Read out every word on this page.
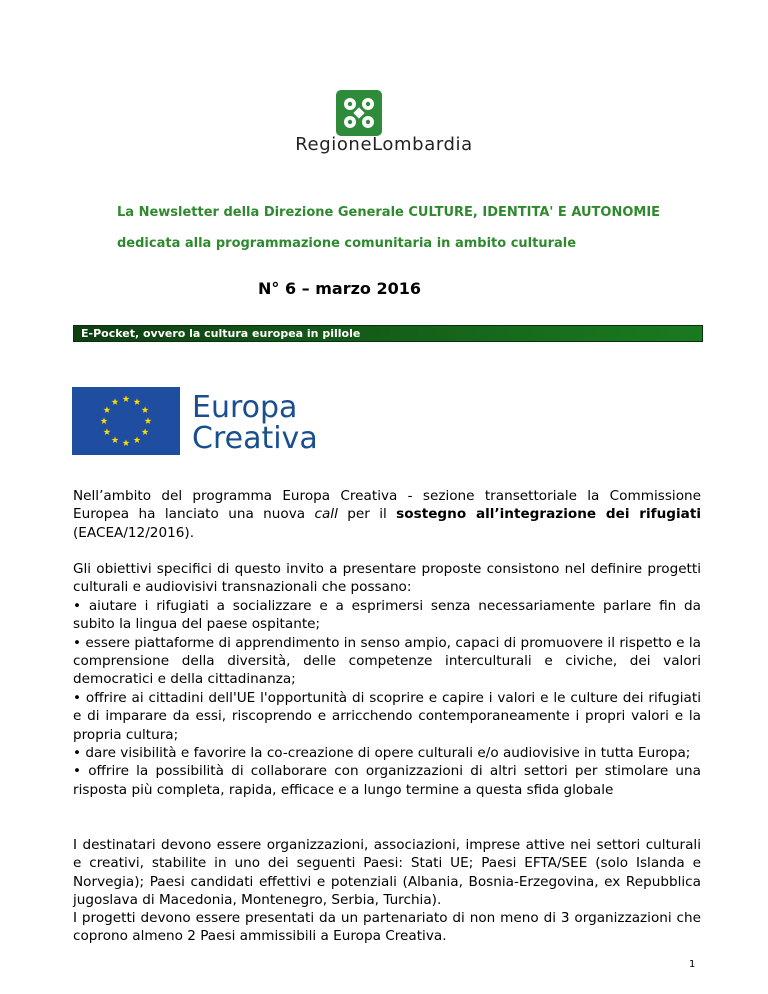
RegioneLombardia
La Newsletter della Direzione Generale CULTURE, IDENTITA' E AUTONOMIE
dedicata alla programmazione comunitaria in ambito culturale
N° 6 – marzo 2016
E-Pocket, ovvero la cultura europea in pillole
Europa
Creativa
Nell’ambito del programma Europa Creativa - sezione transettoriale la Commissione Europea ha lanciato una nuova call per il sostegno all’integrazione dei rifugiati (EACEA/12/2016).
Gli obiettivi specifici di questo invito a presentare proposte consistono nel definire progetti culturali e audiovisivi transnazionali che possano:
• aiutare i rifugiati a socializzare e a esprimersi senza necessariamente parlare fin da subito la lingua del paese ospitante;
• essere piattaforme di apprendimento in senso ampio, capaci di promuovere il rispetto e la comprensione della diversità, delle competenze interculturali e civiche, dei valori democratici e della cittadinanza;
• offrire ai cittadini dell'UE l'opportunità di scoprire e capire i valori e le culture dei rifugiati e di imparare da essi, riscoprendo e arricchendo contemporaneamente i propri valori e la propria cultura;
• dare visibilità e favorire la co-creazione di opere culturali e/o audiovisive in tutta Europa;
• offrire la possibilità di collaborare con organizzazioni di altri settori per stimolare una risposta più completa, rapida, efficace e a lungo termine a questa sfida globale
I destinatari devono essere organizzazioni, associazioni, imprese attive nei settori culturali e creativi, stabilite in uno dei seguenti Paesi: Stati UE; Paesi EFTA/SEE (solo Islanda e Norvegia); Paesi candidati effettivi e potenziali (Albania, Bosnia-Erzegovina, ex Repubblica jugoslava di Macedonia, Montenegro, Serbia, Turchia).
I progetti devono essere presentati da un partenariato di non meno di 3 organizzazioni che coprono almeno 2 Paesi ammissibili a Europa Creativa.
1
